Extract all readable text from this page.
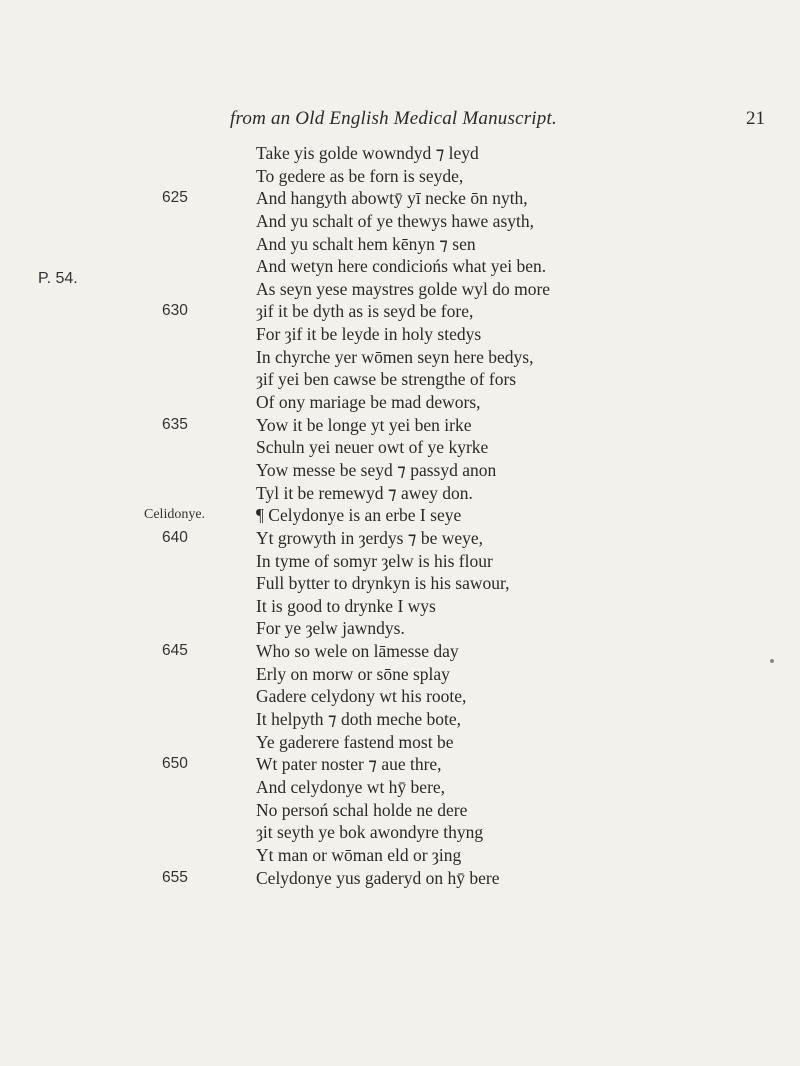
from an Old English Medical Manuscript.	21
P. 54.
Take yis golde wowndyd ⁊ leyd
To gedere as be forn is seyde,
625	And hangyth abowtȳ yī necke ōn nyth,
And yu schalt of ye thewys hawe asyth,
And yu schalt hem kēnyn ⁊ sen
And wetyn here condiciońs what yei ben.
As seyn yese maystres golde wyl do more
630	ȝif it be dyth as is seyd be fore,
For ȝif it be leyde in holy stedys
In chyrche yer wōmen seyn here bedys,
ȝif yei ben cawse be strengthe of fors
Of ony mariage be mad dewors,
635	Yow it be longe yt yei ben irke
Schuln yei neuer owt of ye kyrke
Yow messe be seyd ⁊ passyd anon
Tyl it be remewyd ⁊ awey don.
Celidonye.	¶ Celydonye is an erbe I seye
640	Yt growyth in ȝerdys ⁊ be weye,
In tyme of somyr ȝelw is his flour
Full bytter to drynkyn is his sawour,
It is good to drynke I wys
For ye ȝelw jawndys.
645	Who so wele on lāmesse day
Erly on morw or sōne splay
Gadere celydony wt his roote,
It helpyth ⁊ doth meche bote,
Ye gaderere fastend most be
650	Wt pater noster ⁊ aue thre,
And celydonye wt hȳ bere,
No persoń schal holde ne dere
ȝit seyth ye bok awondyre thyng
Yt man or wōman eld or ȝing
655	Celydonye yus gaderyd on hȳ bere
